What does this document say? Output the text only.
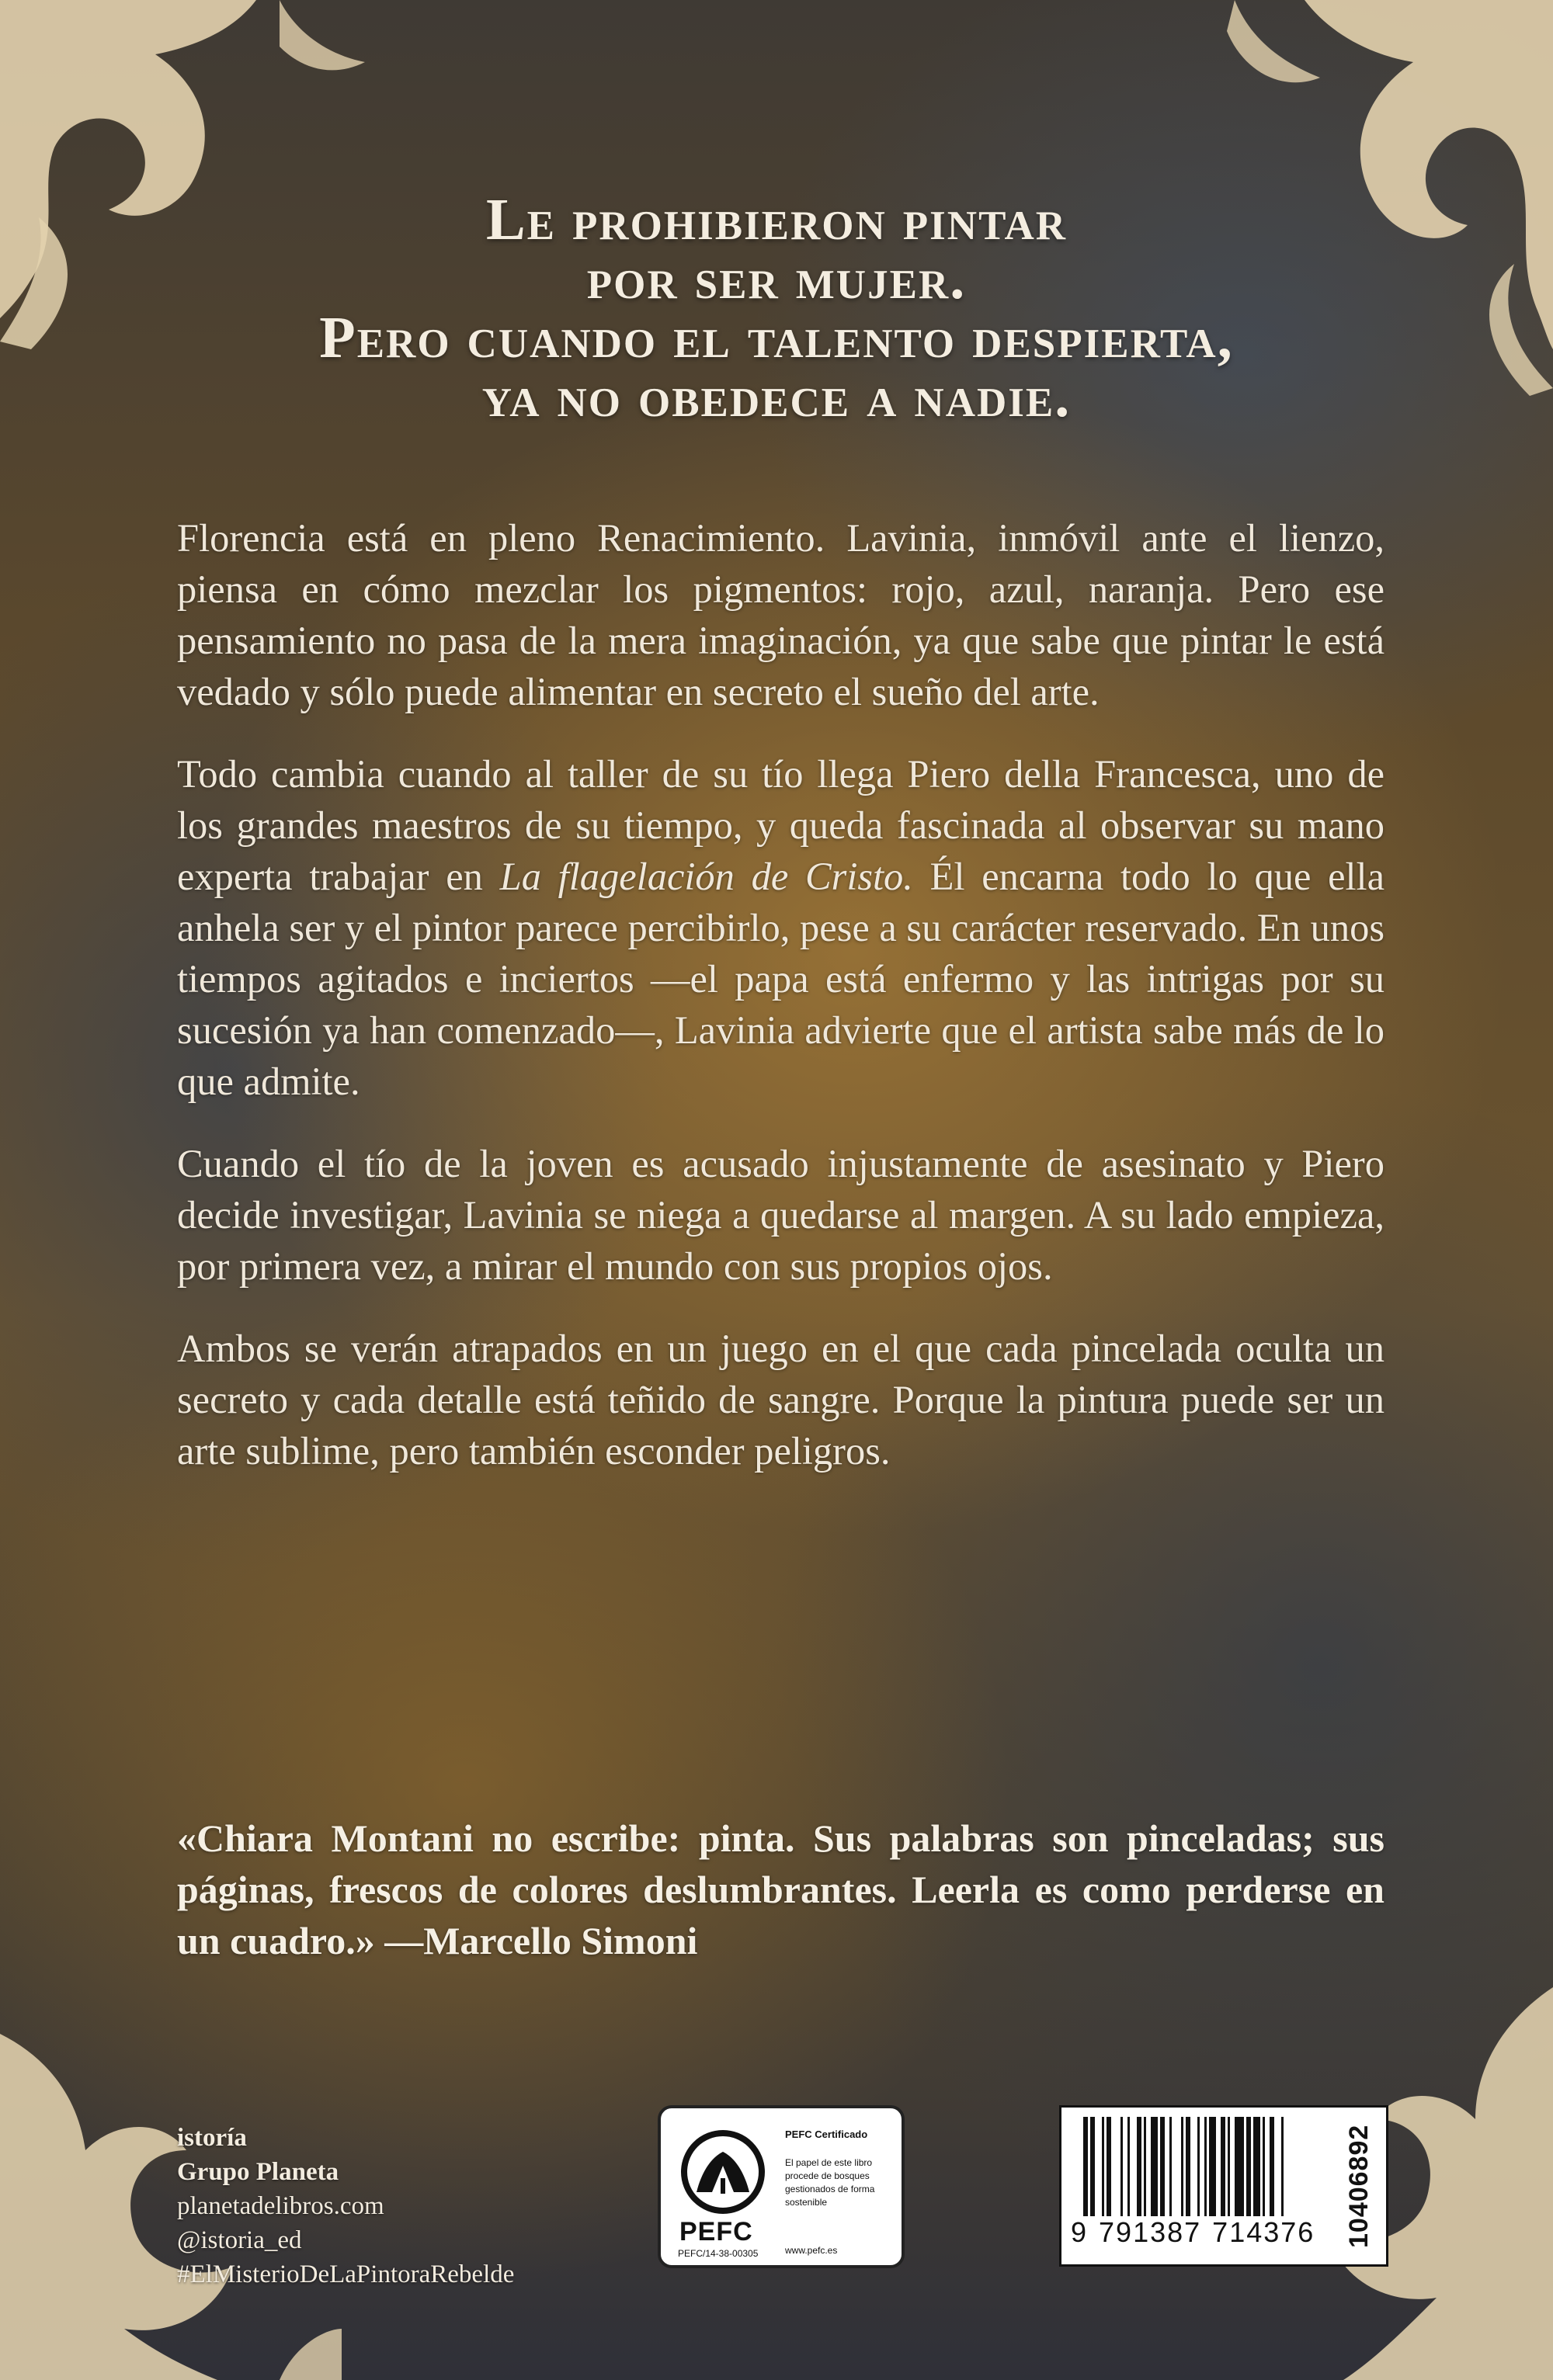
Le prohibieron pintar
por ser mujer.
Pero cuando el talento despierta,
ya no obedece a nadie.

Florencia está en pleno Renacimiento. Lavinia, inmóvil ante el lienzo, piensa en cómo mezclar los pigmentos: rojo, azul, naranja. Pero ese pensamiento no pasa de la mera imaginación, ya que sabe que pintar le está vedado y sólo puede alimentar en secreto el sueño del arte.

Todo cambia cuando al taller de su tío llega Piero della Francesca, uno de los grandes maestros de su tiempo, y queda fascinada al observar su mano experta trabajar en La flagelación de Cristo. Él encarna todo lo que ella anhela ser y el pintor parece percibirlo, pese a su carácter reservado. En unos tiempos agitados e inciertos —el papa está enfermo y las intrigas por su sucesión ya han comenzado—, Lavinia advierte que el artista sabe más de lo que admite.

Cuando el tío de la joven es acusado injustamente de asesinato y Piero decide investigar, Lavinia se niega a quedarse al margen. A su lado empieza, por primera vez, a mirar el mundo con sus propios ojos.

Ambos se verán atrapados en un juego en el que cada pincelada oculta un secreto y cada detalle está teñido de sangre. Porque la pintura puede ser un arte sublime, pero también esconder peligros.

«Chiara Montani no escribe: pinta. Sus palabras son pinceladas; sus páginas, frescos de colores deslumbrantes. Leerla es como perderse en un cuadro.» —Marcello Simoni
istoría
Grupo Planeta
planetadelibros.com
@istoria_ed
#ElMisterioDeLaPintoraRebelde
PEFC
PEFC/14-38-00305
PEFC Certificado
El papel de este libro procede de bosques gestionados de forma sostenible
www.pefc.es
9 791387 714376 10406892
